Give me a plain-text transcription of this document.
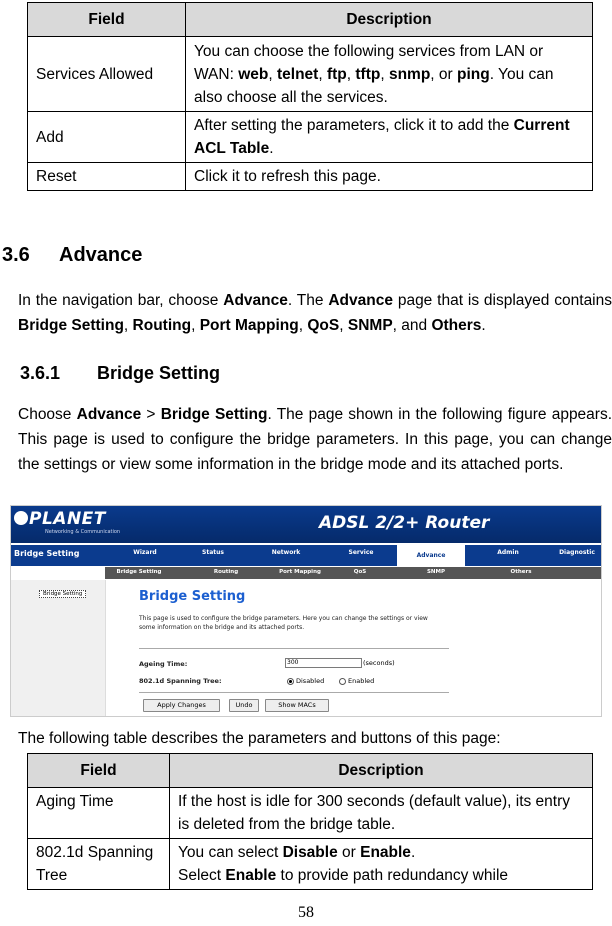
Field	Description
Services Allowed	You can choose the following services from LAN or WAN: web, telnet, ftp, tftp, snmp, or ping. You can also choose all the services.
Add	After setting the parameters, click it to add the Current ACL Table.
Reset	Click it to refresh this page.
3.6 Advance
In the navigation bar, choose Advance. The Advance page that is displayed contains Bridge Setting, Routing, Port Mapping, QoS, SNMP, and Others.
3.6.1 Bridge Setting
Choose Advance > Bridge Setting. The page shown in the following figure appears. This page is used to configure the bridge parameters. In this page, you can change the settings or view some information in the bridge mode and its attached ports.
PLANET
Networking & Communication	ADSL 2/2+ Router
Bridge Setting	Wizard	Status	Network	Service	Advance	Admin	Diagnostic
Bridge Setting	Routing	Port Mapping	QoS	SNMP	Others
Bridge Setting	Bridge Setting
This page is used to configure the bridge parameters. Here you can change the settings or view some information on the bridge and its attached ports.
Ageing Time:	300	(seconds)
802.1d Spanning Tree:	Disabled	Enabled
Apply Changes	Undo	Show MACs
The following table describes the parameters and buttons of this page:
Field	Description
Aging Time	If the host is idle for 300 seconds (default value), its entry is deleted from the bridge table.
802.1d Spanning Tree	You can select Disable or Enable.
Select Enable to provide path redundancy while
58
